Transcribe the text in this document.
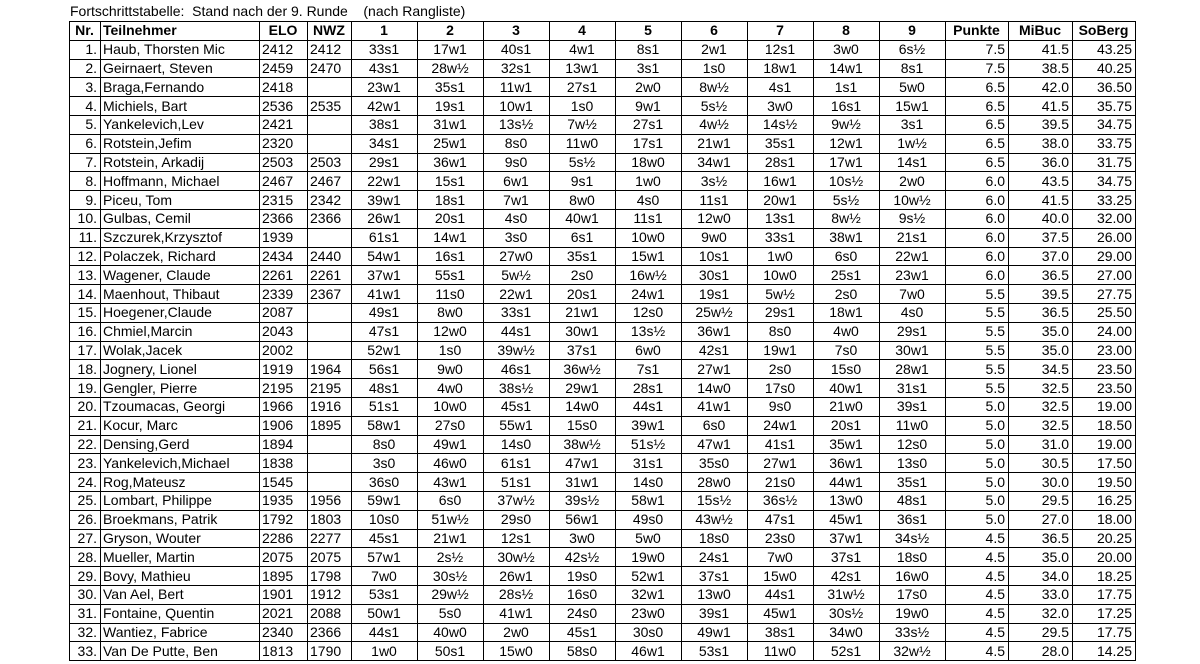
Fortschrittstabelle:  Stand nach der 9. Runde    (nach Rangliste)
Nr.	Teilnehmer	ELO	NWZ	1	2	3	4	5	6	7	8	9	Punkte	MiBuc	SoBerg
1.	Haub, Thorsten Mic	2412	2412	33s1	17w1	40s1	4w1	8s1	2w1	12s1	3w0	6s½	7.5	41.5	43.25
2.	Geirnaert, Steven	2459	2470	43s1	28w½	32s1	13w1	3s1	1s0	18w1	14w1	8s1	7.5	38.5	40.25
3.	Braga,Fernando	2418		23w1	35s1	11w1	27s1	2w0	8w½	4s1	1s1	5w0	6.5	42.0	36.50
4.	Michiels, Bart	2536	2535	42w1	19s1	10w1	1s0	9w1	5s½	3w0	16s1	15w1	6.5	41.5	35.75
5.	Yankelevich,Lev	2421		38s1	31w1	13s½	7w½	27s1	4w½	14s½	9w½	3s1	6.5	39.5	34.75
6.	Rotstein,Jefim	2320		34s1	25w1	8s0	11w0	17s1	21w1	35s1	12w1	1w½	6.5	38.0	33.75
7.	Rotstein, Arkadij	2503	2503	29s1	36w1	9s0	5s½	18w0	34w1	28s1	17w1	14s1	6.5	36.0	31.75
8.	Hoffmann, Michael	2467	2467	22w1	15s1	6w1	9s1	1w0	3s½	16w1	10s½	2w0	6.0	43.5	34.75
9.	Piceu, Tom	2315	2342	39w1	18s1	7w1	8w0	4s0	11s1	20w1	5s½	10w½	6.0	41.5	33.25
10.	Gulbas, Cemil	2366	2366	26w1	20s1	4s0	40w1	11s1	12w0	13s1	8w½	9s½	6.0	40.0	32.00
11.	Szczurek,Krzysztof	1939		61s1	14w1	3s0	6s1	10w0	9w0	33s1	38w1	21s1	6.0	37.5	26.00
12.	Polaczek, Richard	2434	2440	54w1	16s1	27w0	35s1	15w1	10s1	1w0	6s0	22w1	6.0	37.0	29.00
13.	Wagener, Claude	2261	2261	37w1	55s1	5w½	2s0	16w½	30s1	10w0	25s1	23w1	6.0	36.5	27.00
14.	Maenhout, Thibaut	2339	2367	41w1	11s0	22w1	20s1	24w1	19s1	5w½	2s0	7w0	5.5	39.5	27.75
15.	Hoegener,Claude	2087		49s1	8w0	33s1	21w1	12s0	25w½	29s1	18w1	4s0	5.5	36.5	25.50
16.	Chmiel,Marcin	2043		47s1	12w0	44s1	30w1	13s½	36w1	8s0	4w0	29s1	5.5	35.0	24.00
17.	Wolak,Jacek	2002		52w1	1s0	39w½	37s1	6w0	42s1	19w1	7s0	30w1	5.5	35.0	23.00
18.	Jognery, Lionel	1919	1964	56s1	9w0	46s1	36w½	7s1	27w1	2s0	15s0	28w1	5.5	34.5	23.50
19.	Gengler, Pierre	2195	2195	48s1	4w0	38s½	29w1	28s1	14w0	17s0	40w1	31s1	5.5	32.5	23.50
20.	Tzoumacas, Georgi	1966	1916	51s1	10w0	45s1	14w0	44s1	41w1	9s0	21w0	39s1	5.0	32.5	19.00
21.	Kocur, Marc	1906	1895	58w1	27s0	55w1	15s0	39w1	6s0	24w1	20s1	11w0	5.0	32.5	18.50
22.	Densing,Gerd	1894		8s0	49w1	14s0	38w½	51s½	47w1	41s1	35w1	12s0	5.0	31.0	19.00
23.	Yankelevich,Michael	1838		3s0	46w0	61s1	47w1	31s1	35s0	27w1	36w1	13s0	5.0	30.5	17.50
24.	Rog,Mateusz	1545		36s0	43w1	51s1	31w1	14s0	28w0	21s0	44w1	35s1	5.0	30.0	19.50
25.	Lombart, Philippe	1935	1956	59w1	6s0	37w½	39s½	58w1	15s½	36s½	13w0	48s1	5.0	29.5	16.25
26.	Broekmans, Patrik	1792	1803	10s0	51w½	29s0	56w1	49s0	43w½	47s1	45w1	36s1	5.0	27.0	18.00
27.	Gryson, Wouter	2286	2277	45s1	21w1	12s1	3w0	5w0	18s0	23s0	37w1	34s½	4.5	36.5	20.25
28.	Mueller, Martin	2075	2075	57w1	2s½	30w½	42s½	19w0	24s1	7w0	37s1	18s0	4.5	35.0	20.00
29.	Bovy, Mathieu	1895	1798	7w0	30s½	26w1	19s0	52w1	37s1	15w0	42s1	16w0	4.5	34.0	18.25
30.	Van Ael, Bert	1901	1912	53s1	29w½	28s½	16s0	32w1	13w0	44s1	31w½	17s0	4.5	33.0	17.75
31.	Fontaine, Quentin	2021	2088	50w1	5s0	41w1	24s0	23w0	39s1	45w1	30s½	19w0	4.5	32.0	17.25
32.	Wantiez, Fabrice	2340	2366	44s1	40w0	2w0	45s1	30s0	49w1	38s1	34w0	33s½	4.5	29.5	17.75
33.	Van De Putte, Ben	1813	1790	1w0	50s1	15w0	58s0	46w1	53s1	11w0	52s1	32w½	4.5	28.0	14.25
